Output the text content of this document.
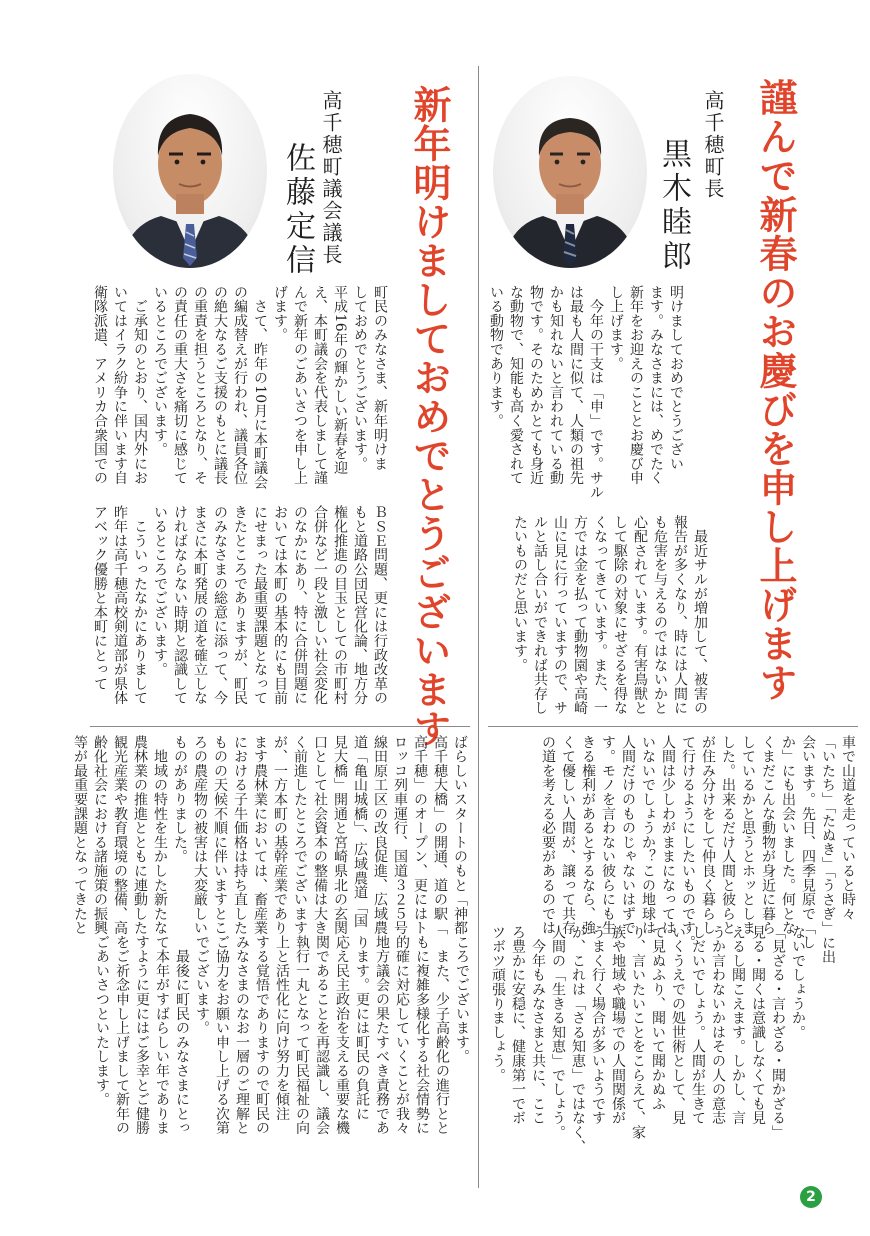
謹んで新春のお慶びを申し上げます
高千穂町長
黒木睦郎
明けましておめでとうござい
ます。みなさまには、めでたく
新年をお迎えのこととお慶び申
し上げます。
　今年の干支は「申」です。サル
は最も人間に似て、人類の祖先
かも知れないと言われている動
物です。そのためかとても身近
な動物で、知能も高く愛されて
いる動物であります。
　最近サルが増加して、被害の
報告が多くなり、時には人間に
も危害を与えるのではないかと
心配されています。有害鳥獣と
して駆除の対象にせざるを得な
くなってきています。また、一
方では金を払って動物園や高崎
山に見に行っていますので、サ
ルと話し合いができれば共存し
たいものだと思います。
車で山道を走っていると時々
「いたち」「たぬき」「うさぎ」に出
会います。先日、四季見原で「し
か」にも出会いました。何とな
くまだこんな動物が身近に暮ら
しているかと思うとホッとしま
した。出来るだけ人間と彼らと
が住み分けをして仲良く暮らし
て行けるようにしたいものです。
人間は少しわがままになっては
いないでしょうか？この地球は
人間だけのものじゃないはずで
す。モノを言わない彼らにも生
きる権利があるとするなら、強
くて優しい人間が、譲って共存
の道を考える必要があるのでは
ないでしょうか。
「見ざる・言わざる・聞かざる」
見る・聞くは意識しなくても見
えるし聞こえます。しかし、言
うか言わないかはその人の意志
しだいでしょう。人間が生きて
いくうえでの処世術として、見
て見ぬふり、聞いて聞かぬふ
り、言いたいことをこらえて、家
族や地域や職場での人間関係が
うまく行く場合が多いようです
が、これは「さる知恵」ではなく、
人間の「生きる知恵」でしょう。
　今年もみなさまと共に、ここ
ろ豊かに安穏に、健康第一でボ
ツボツ頑張りましょう。
新年明けましておめでとうございます
高千穂町議会議長
佐藤定信
町民のみなさま、新年明けま
しておめでとうございます。
平成16年の輝かしい新春を迎
え、本町議会を代表しまして謹
んで新年のごあいさつを申し上
げます。
　さて、昨年の10月に本町議会
の編成替えが行われ、議員各位
の絶大なるご支援のもとに議長
の重責を担うところとなり、そ
の責任の重大さを痛切に感じて
いるところでございます。
　ご承知のとおり、国内外にお
いてはイラク紛争に伴います自
衛隊派遣、アメリカ合衆国での
ＢＳＥ問題、更には行政改革の
もと道路公団民営化論、地方分
権化推進の目玉としての市町村
合併など一段と激しい社会変化
のなかにあり、特に合併問題に
おいては本町の基本的にも目前
にせまった最重要課題となって
きたところでありますが、町民
のみなさまの総意に添って、今
まさに本町発展の道を確立しな
ければならない時期と認識して
いるところでございます。
　こういったなかにありまして
昨年は高千穂高校剣道部が県体
アベック優勝と本町にとって
ばらしいスタートのもと「神都
高千穂大橋」の開通、道の駅「
高千穂」のオープン、更にはト
ロッコ列車運行、国道３２５号
線田原工区の改良促進、広域農
道「亀山城橋」、広域農道「国
見大橋」開通と宮崎県北の玄関
口として社会資本の整備は大き
く前進したところでございます
が、一方本町の基幹産業であり
ます農林業においては、畜産業
における子牛価格は持ち直した
ものの天候不順に伴いますとこ
ろの農産物の被害は大変厳しい
ものがありました。
　地域の特性を生かした新たな
農林業の推進とともに連動した
観光産業や教育環境の整備、高
齢化社会における諸施策の振興
等が最重要課題となってきたと
ころでございます。
　また、少子高齢化の進行とと
もに複雑多様化する社会情勢に
的確に対応していくことが我々
地方議会の果たすべき責務であ
ります。更には町民の負託に
応え民主政治を支える重要な機
関であることを再認識し、議会
執行一丸となって町民福祉の向
上と活性化に向け努力を傾注
する覚悟でありますので町民の
みなさまのなお一層のご理解と
ご協力をお願い申し上げる次第
でございます。
　最後に町民のみなさまにとっ
て本年がすばらしい年でありま
すように更にはご多幸とご健勝
をご祈念申し上げまして新年の
ごあいさつといたします。
2
